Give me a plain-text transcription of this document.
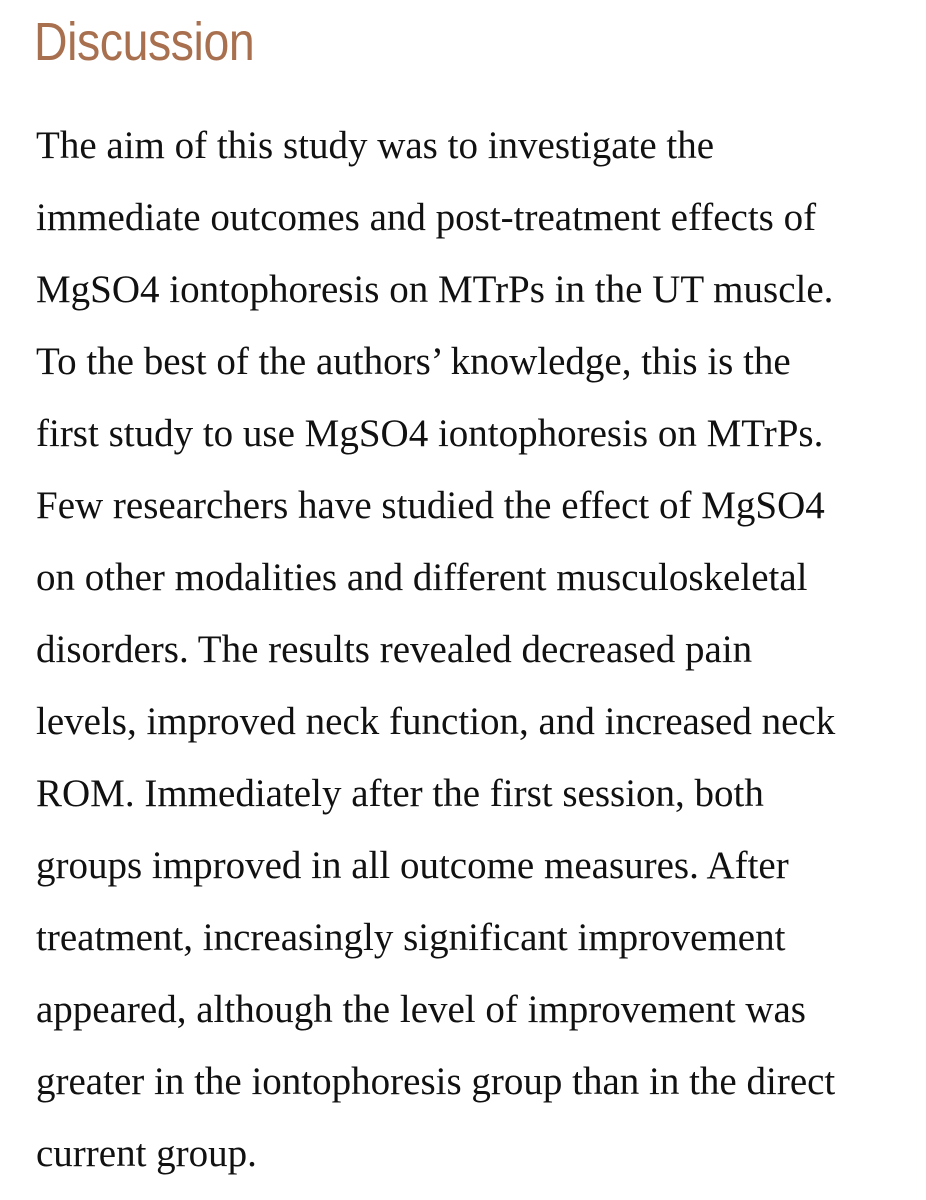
Discussion
The aim of this study was to investigate the
immediate outcomes and post-treatment effects of
MgSO4 iontophoresis on MTrPs in the UT muscle.
To the best of the authors’ knowledge, this is the
first study to use MgSO4 iontophoresis on MTrPs.
Few researchers have studied the effect of MgSO4
on other modalities and different musculoskeletal
disorders. The results revealed decreased pain
levels, improved neck function, and increased neck
ROM. Immediately after the first session, both
groups improved in all outcome measures. After
treatment, increasingly significant improvement
appeared, although the level of improvement was
greater in the iontophoresis group than in the direct
current group.
